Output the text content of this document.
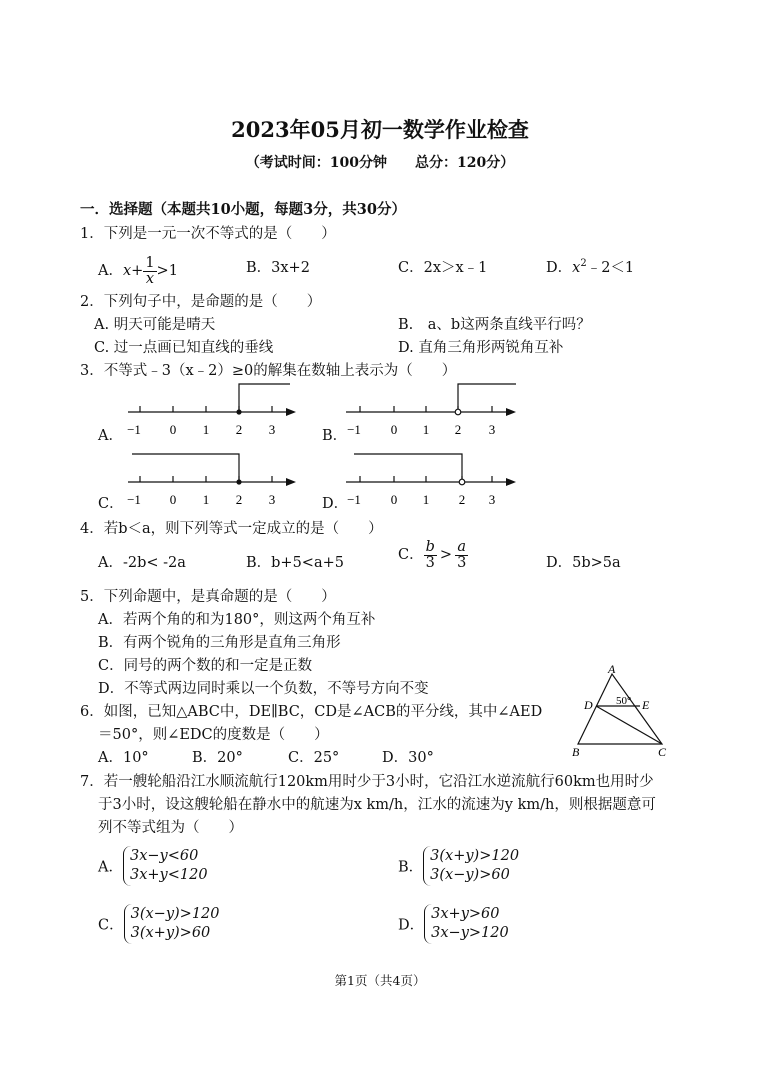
2023年05月初一数学作业检查
（考试时间：100分钟　　总分：120分）
一．选择题（本题共10小题，每题3分，共30分）
1．下列是一元一次不等式的是（　　）
A．$x+ \frac{1}{x} >1$	B．3x+2	C．2x＞x﹣1	D．$x^2﹣2<1$
2．下列句子中，是命题的是（　　）
A. 明天可能是晴天	B.　a、b这两条直线平行吗？
C. 过一点画已知直线的垂线	D. 直角三角形两锐角互补
3．不等式﹣3（x﹣2）≥0的解集在数轴上表示为（　　）
A．	B．
C．	D．
−1 0 1 2 3	−1 0 1 2 3
−1 0 1 2 3	−1 0 1 2 3
4．若b＜a，则下列等式一定成立的是（　　）
A．-2b< -2a	B．b+5<a+5	C． $\frac{b}{3} > \frac{a}{3}$	D．5b>5a
5．下列命题中，是真命题的是（　　）
A．若两个角的和为180°，则这两个角互补
B．有两个锐角的三角形是直角三角形
C．同号的两个数的和一定是正数
D．不等式两边同时乘以一个负数，不等号方向不变
6．如图，已知△ABC中，DE∥BC，CD是∠ACB的平分线，其中∠AED
＝50°，则∠EDC的度数是（　　）
A．10°	B．20°	C．25°	D．30°
A
B	C
D	E
50°
7．若一艘轮船沿江水顺流航行120km用时少于3小时，它沿江水逆流航行60km也用时少
于3小时，设这艘轮船在静水中的航速为x km/h，江水的流速为y km/h，则根据题意可
列不等式组为（　　）
A．3x−y<60
3x+y<120	B．3(x+y)>120
3(x−y)>60
C．3(x−y)>120
3(x+y)>60	D．3x+y>60
3x−y>120
第1页（共4页）
